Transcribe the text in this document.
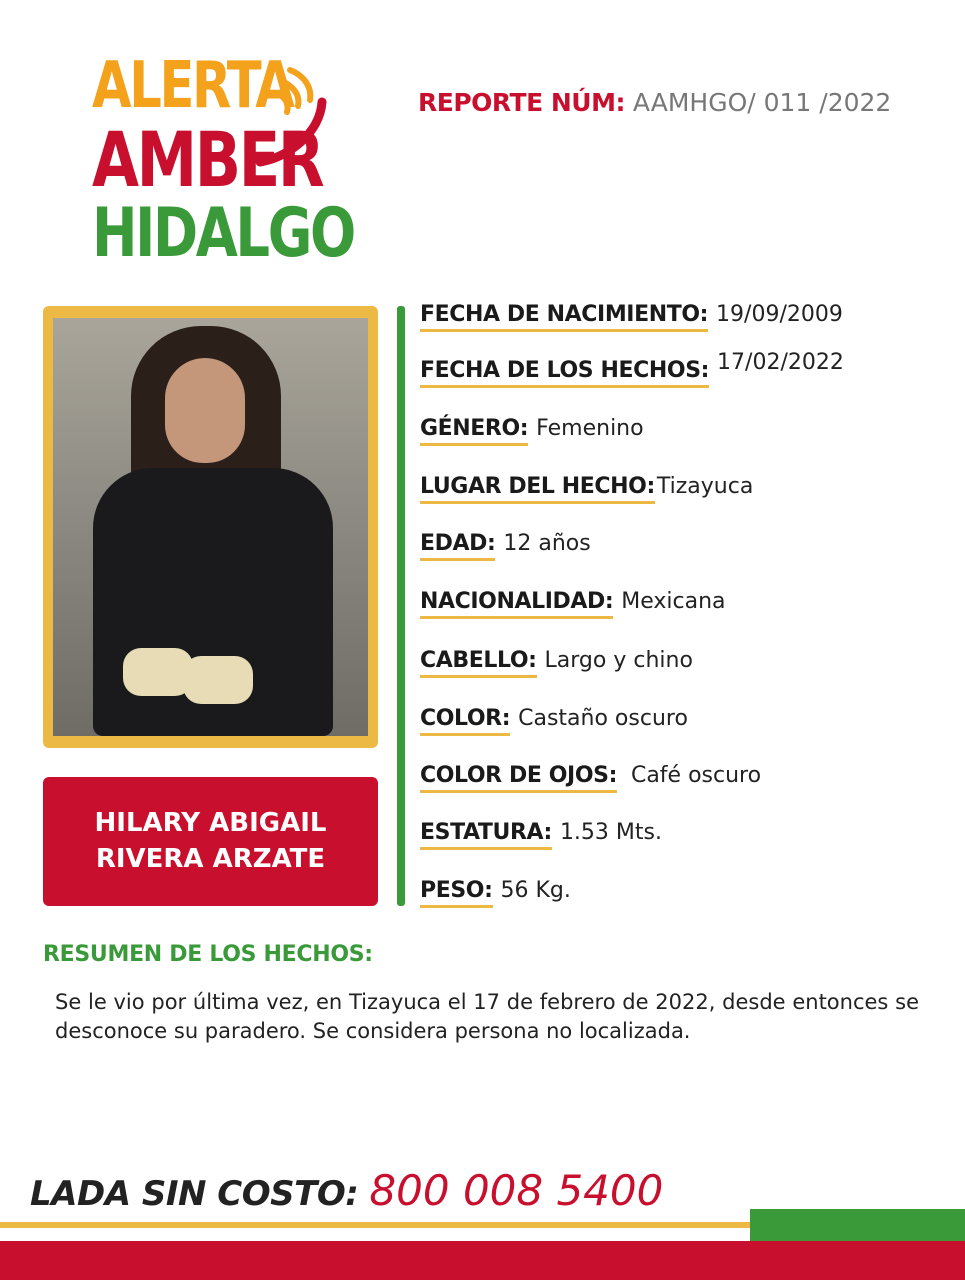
ALERTA
AMBER
HIDALGO
REPORTE NÚM: AAMHGO/ 011 /2022
HILARY ABIGAIL
RIVERA ARZATE
FECHA DE NACIMIENTO: 19/09/2009
FECHA DE LOS HECHOS: 17/02/2022
GÉNERO: Femenino
LUGAR DEL HECHO:Tizayuca
EDAD: 12 años
NACIONALIDAD: Mexicana
CABELLO: Largo y chino
COLOR: Castaño oscuro
COLOR DE OJOS: Café oscuro
ESTATURA: 1.53 Mts.
PESO: 56 Kg.
RESUMEN DE LOS HECHOS:
Se le vio por última vez, en Tizayuca el 17 de febrero de 2022, desde entonces se desconoce su paradero. Se considera persona no localizada.
LADA SIN COSTO: 800 008 5400
